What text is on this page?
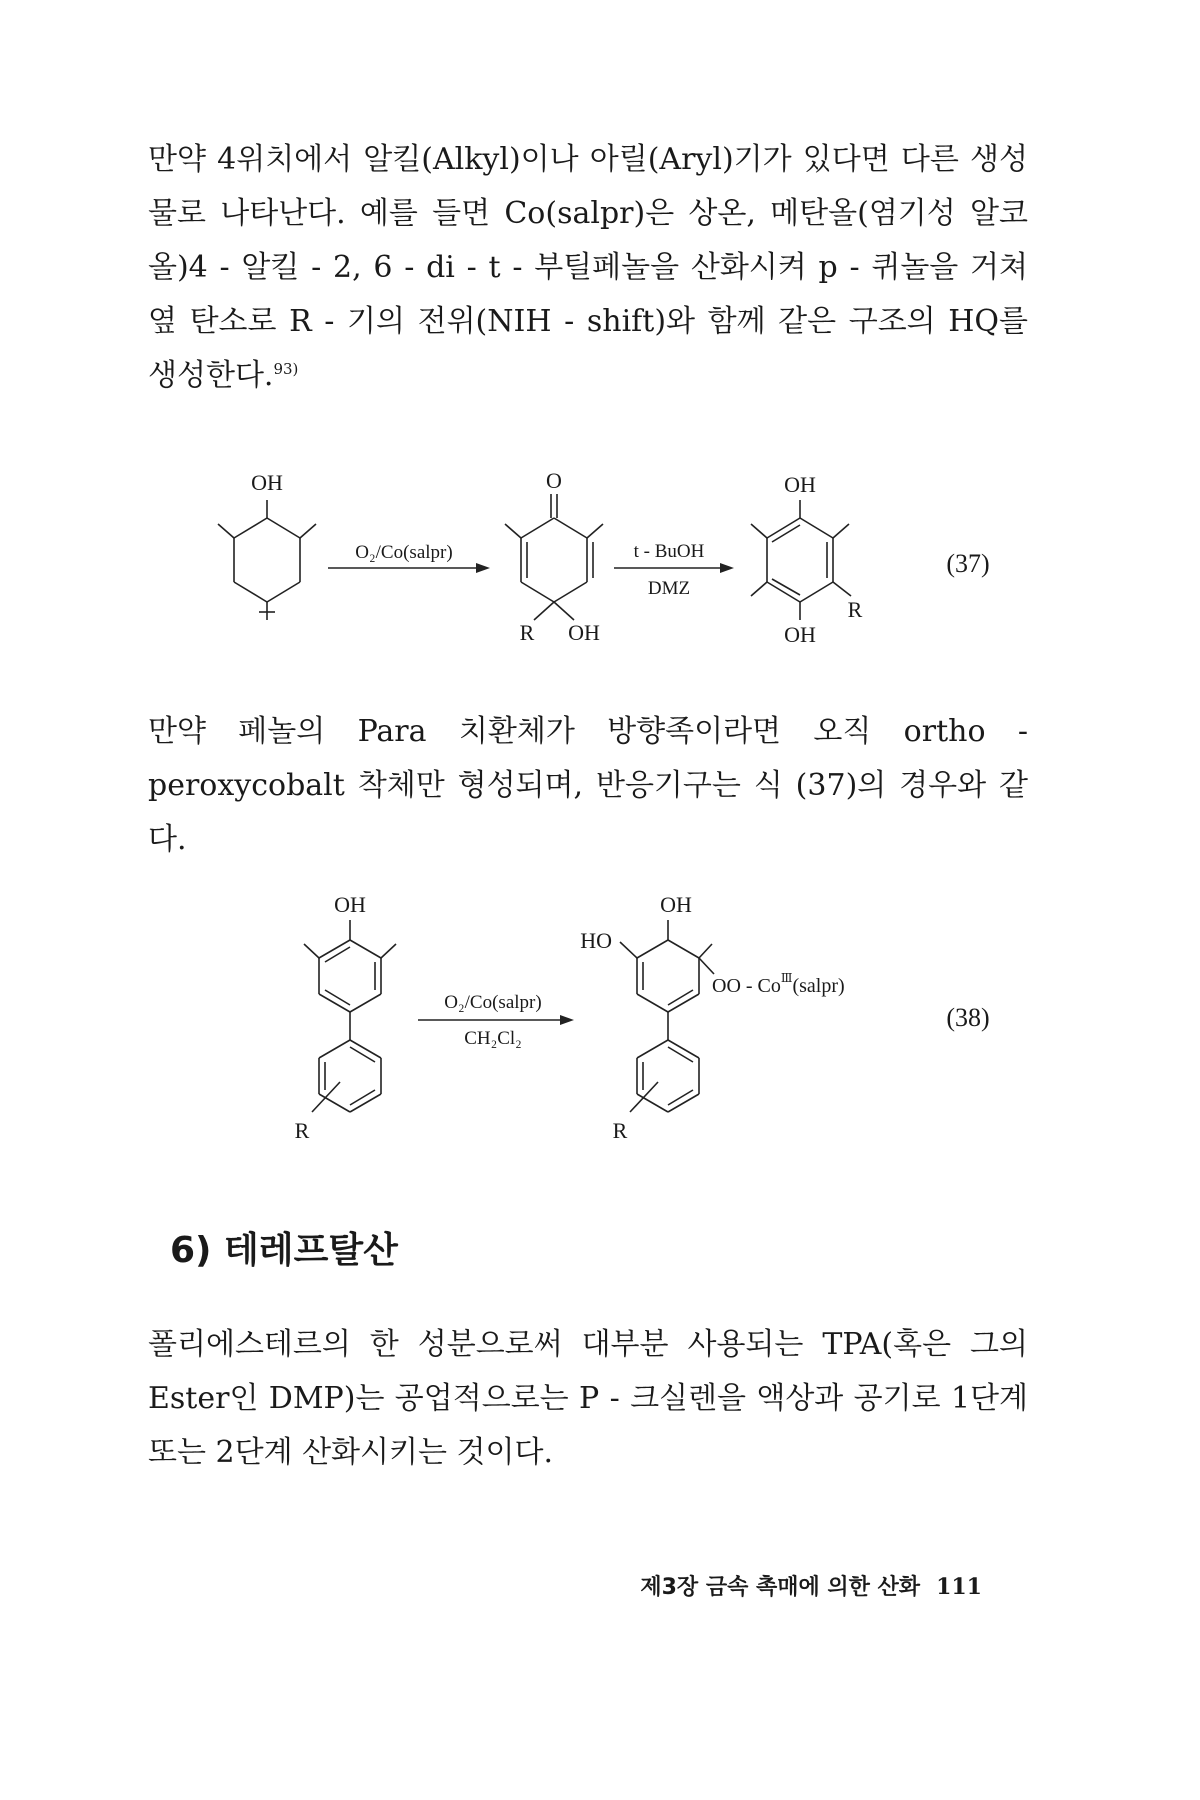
만약 4위치에서 알킬(Alkyl)이나 아릴(Aryl)기가 있다면 다른 생성물로 나타난다. 예를 들면 Co(salpr)은 상온, 메탄올(염기성 알코올)4 - 알킬 - 2, 6 - di - t - 부틸페놀을 산화시켜 p - 퀴놀을 거쳐 옆 탄소로 R - 기의 전위(NIH - shift)와 함께 같은 구조의 HQ를 생성한다.$^{93)}$

OH
O₂/Co(salpr)
O
R OH
t - BuOH
DMZ
OH
R
OH
(37)

만약 페놀의 Para 치환체가 방향족이라면 오직 ortho - peroxycobalt 착체만 형성되며, 반응기구는 식 (37)의 경우와 같다.

OH
R
O₂/Co(salpr)
CH₂Cl₂
HO
OH
OO - $Co^Ⅲ(salpr)$
R
(38)
6) 테레프탈산

폴리에스테르의 한 성분으로써 대부분 사용되는 TPA(혹은 그의 Ester인 DMP)는 공업적으로는 P - 크실렌을 액상과 공기로 1단계 또는 2단계 산화시키는 것이다.

제3장 금속 촉매에 의한 산화 111
